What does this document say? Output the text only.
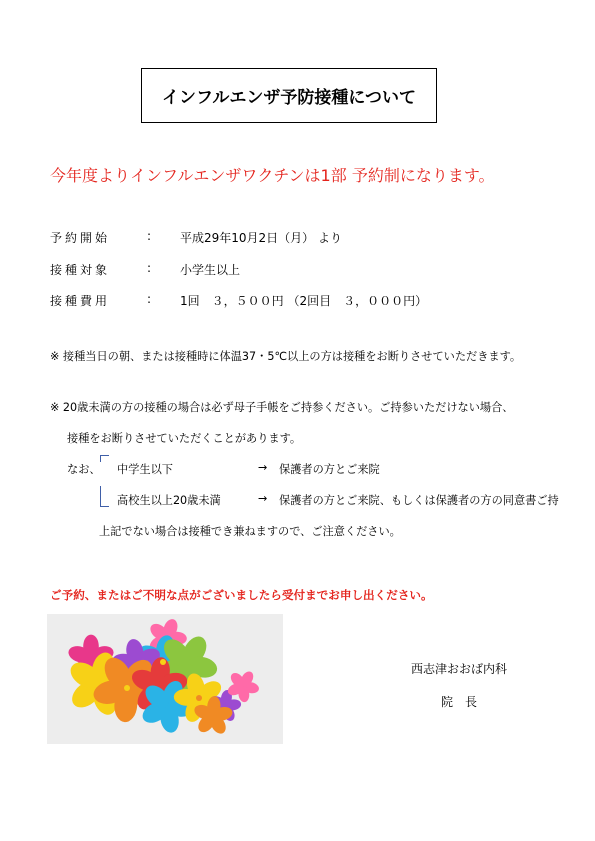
インフルエンザ予防接種について
今年度よりインフルエンザワクチンは1部 予約制になります。
予約開始	: 平成29年10月2日（月） より
接種対象	: 小学生以上
接種費用	: 1回　３，５００円 （2回目　３，０００円）
※ 接種当日の朝、または接種時に体温37・5℃以上の方は接種をお断りさせていただきます。
※ 20歳未満の方の接種の場合は必ず母子手帳をご持参ください。ご持参いただけない場合、
接種をお断りさせていただくことがあります。
なお、 中学生以下	→ 保護者の方とご来院
高校生以上20歳未満	→ 保護者の方とご来院、もしくは保護者の方の同意書ご持
上記でない場合は接種でき兼ねますので、ご注意ください。
ご予約、またはご不明な点がございましたら受付までお申し出ください。
西志津おおば内科
院　長
